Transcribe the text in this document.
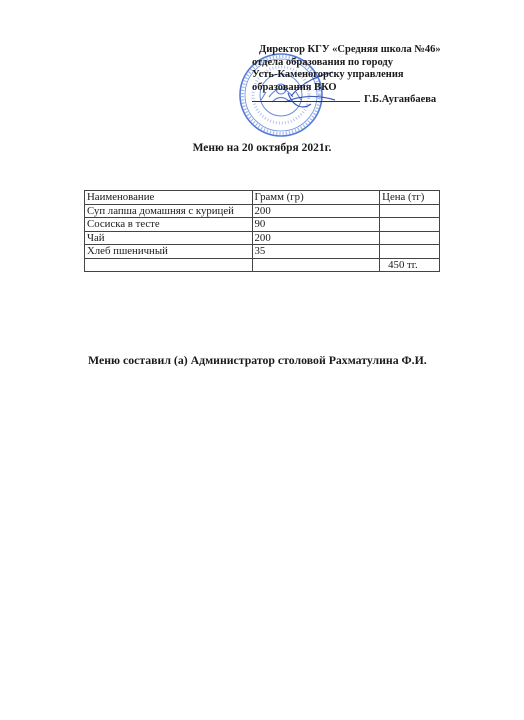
Директор КГУ «Средняя школа №46»
отдела образования по городу
Усть-Каменогорску управления
образования ВКО
Г.Б.Ауганбаева
Меню на 20 октября 2021г.
Наименование	Грамм (гр)	Цена (тг)
Суп лапша домашняя с курицей	200	
Сосиска в тесте	90	
Чай	200	
Хлеб пшеничный	35	
		450 тг.
Меню составил (а) Администратор столовой Рахматулина Ф.И.
